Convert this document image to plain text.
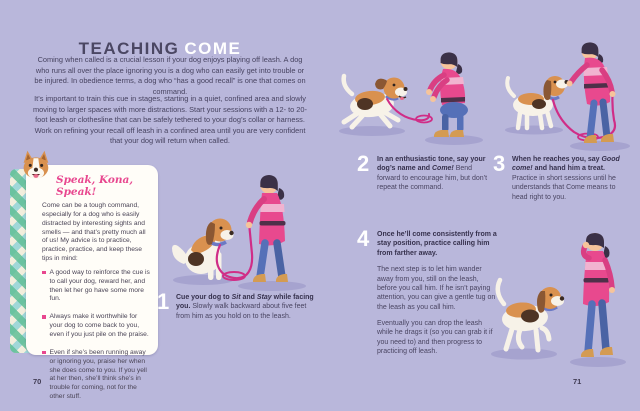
TEACHING COME

Coming when called is a crucial lesson if your dog enjoys playing off leash. A dog who runs all over the place ignoring you is a dog who can easily get into trouble or be injured. In obedience terms, a dog who “has a good recall” is one that comes on command.

It’s important to train this cue in stages, starting in a quiet, confined area and slowly moving to larger spaces with more distractions. Start your sessions with a 12- to 20-foot leash or clothesline that can be safely tethered to your dog’s collar or harness. Work on refining your recall off leash in a confined area until you are very confident that your dog will return when called.

Speak, Kona, Speak!

Come can be a tough command, especially for a dog who is easily distracted by interesting sights and smells — and that’s pretty much all of us! My advice is to practice, practice, practice, and keep these tips in mind:

A good way to reinforce the cue is to call your dog, reward her, and then let her go have some more fun.
Always make it worthwhile for your dog to come back to you, even if you just pile on the praise.
Even if she’s been running away or ignoring you, praise her when she does come to you. If you yell at her then, she’ll think she’s in trouble for coming, not for the other stuff.
1 Cue your dog to Sit and Stay while facing you. Slowly walk backward about five feet from him as you hold on to the leash.

70
2 In an enthusiastic tone, say your dog’s name and Come! Bend forward to encourage him, but don’t repeat the command.

3 When he reaches you, say Good come! and hand him a treat. Practice in short sessions until he understands that Come means to head right to you.

4 Once he’ll come consistently from a stay position, practice calling him from farther away.
The next step is to let him wander away from you, still on the leash, before you call him. If he isn’t paying attention, you can give a gentle tug on the leash as you call him.
Eventually you can drop the leash while he drags it (so you can grab it if you need to) and then progress to practicing off leash.

71
